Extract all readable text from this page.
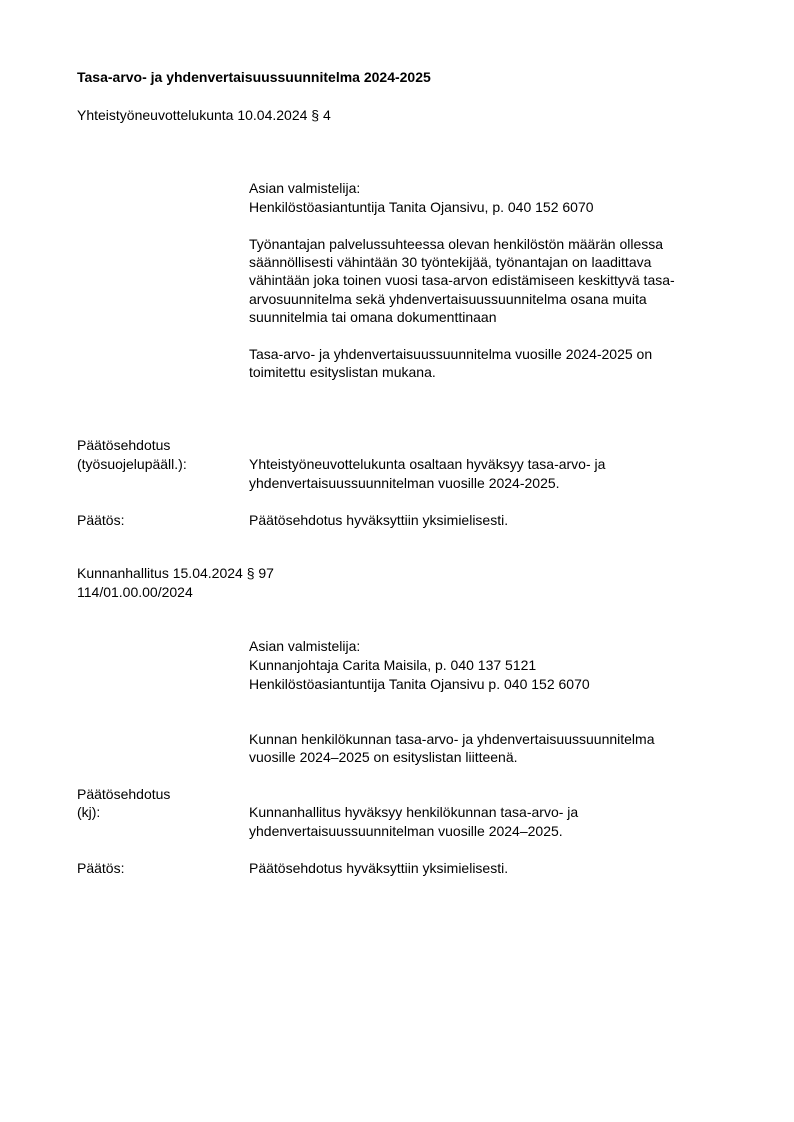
Tasa-arvo- ja yhdenvertaisuussuunnitelma 2024-2025
Yhteistyöneuvottelukunta 10.04.2024 § 4
Asian valmistelija:
Henkilöstöasiantuntija Tanita Ojansivu, p. 040 152 6070
Työnantajan palvelussuhteessa olevan henkilöstön määrän ollessa
säännöllisesti vähintään 30 työntekijää, työnantajan on laadittava
vähintään joka toinen vuosi tasa-arvon edistämiseen keskittyvä tasa-
arvosuunnitelma sekä yhdenvertaisuussuunnitelma osana muita
suunnitelmia tai omana dokumenttinaan
Tasa-arvo- ja yhdenvertaisuussuunnitelma vuosille 2024-2025 on
toimitettu esityslistan mukana.
Päätösehdotus
(työsuojelupääll.):	Yhteistyöneuvottelukunta osaltaan hyväksyy tasa-arvo- ja
yhdenvertaisuussuunnitelman vuosille 2024-2025.
Päätös:	Päätösehdotus hyväksyttiin yksimielisesti.
Kunnanhallitus 15.04.2024 § 97
114/01.00.00/2024
Asian valmistelija:
Kunnanjohtaja Carita Maisila, p. 040 137 5121
Henkilöstöasiantuntija Tanita Ojansivu p. 040 152 6070
Kunnan henkilökunnan tasa-arvo- ja yhdenvertaisuussuunnitelma
vuosille 2024–2025 on esityslistan liitteenä.
Päätösehdotus
(kj):	Kunnanhallitus hyväksyy henkilökunnan tasa-arvo- ja
yhdenvertaisuussuunnitelman vuosille 2024–2025.
Päätös:	Päätösehdotus hyväksyttiin yksimielisesti.
